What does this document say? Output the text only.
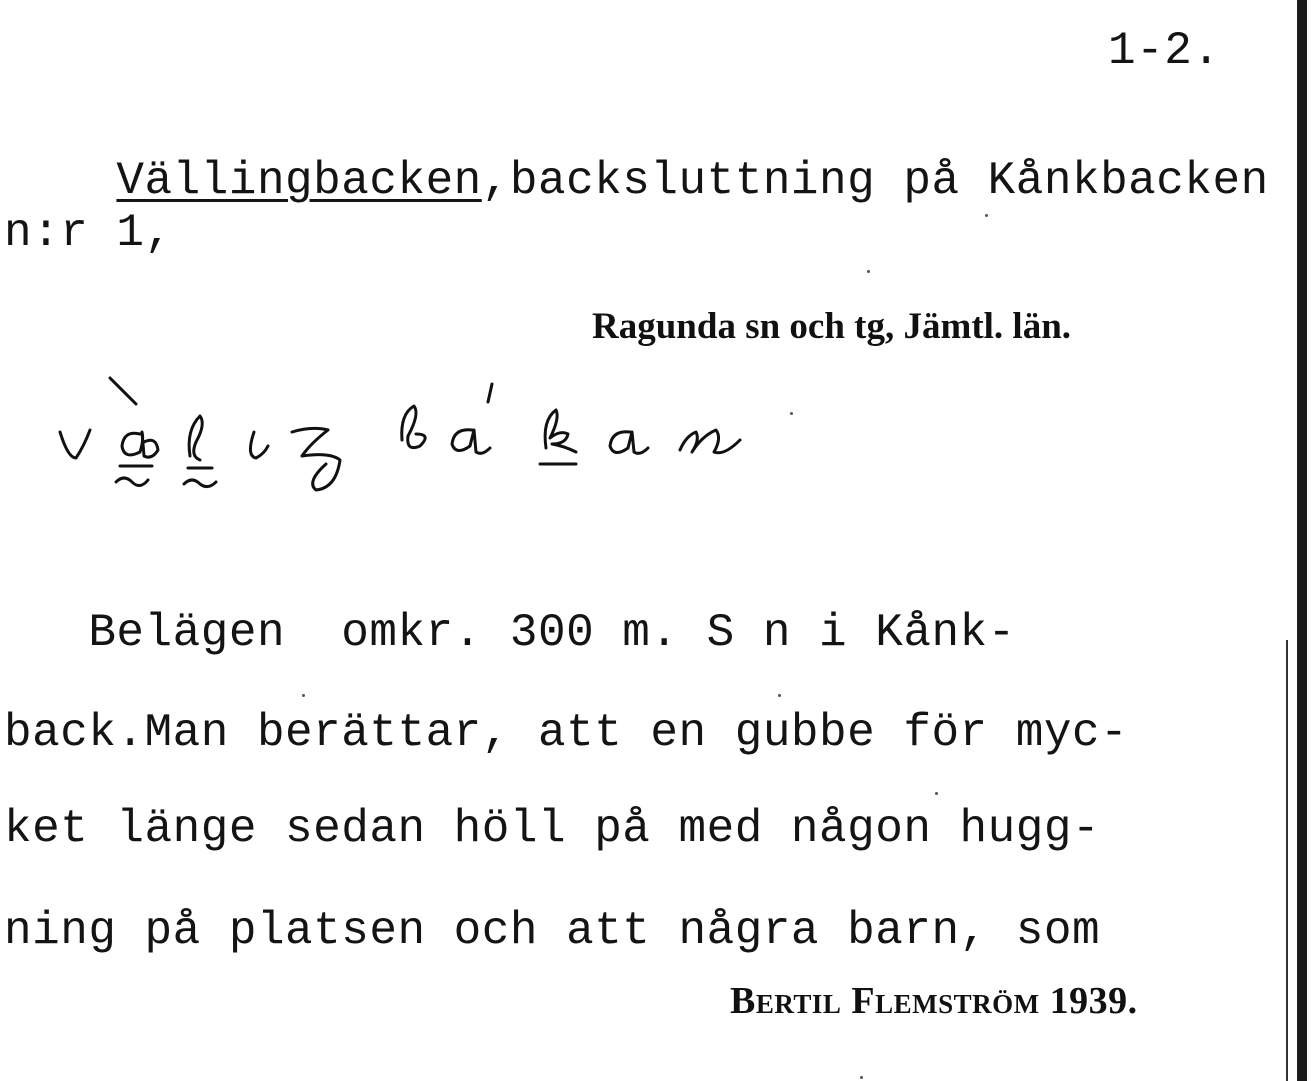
1-2.

Vällingbacken,backsluttning på Kånkbacken

n:r 1,
Ragunda sn och tg, Jämtl. län.
Belägen  omkr. 300 m. S n i Kånk-
back.Man berättar, att en gubbe för myc-
ket länge sedan höll på med någon hugg-
ning på platsen och att några barn, som
Bertil Flemström 1939.
